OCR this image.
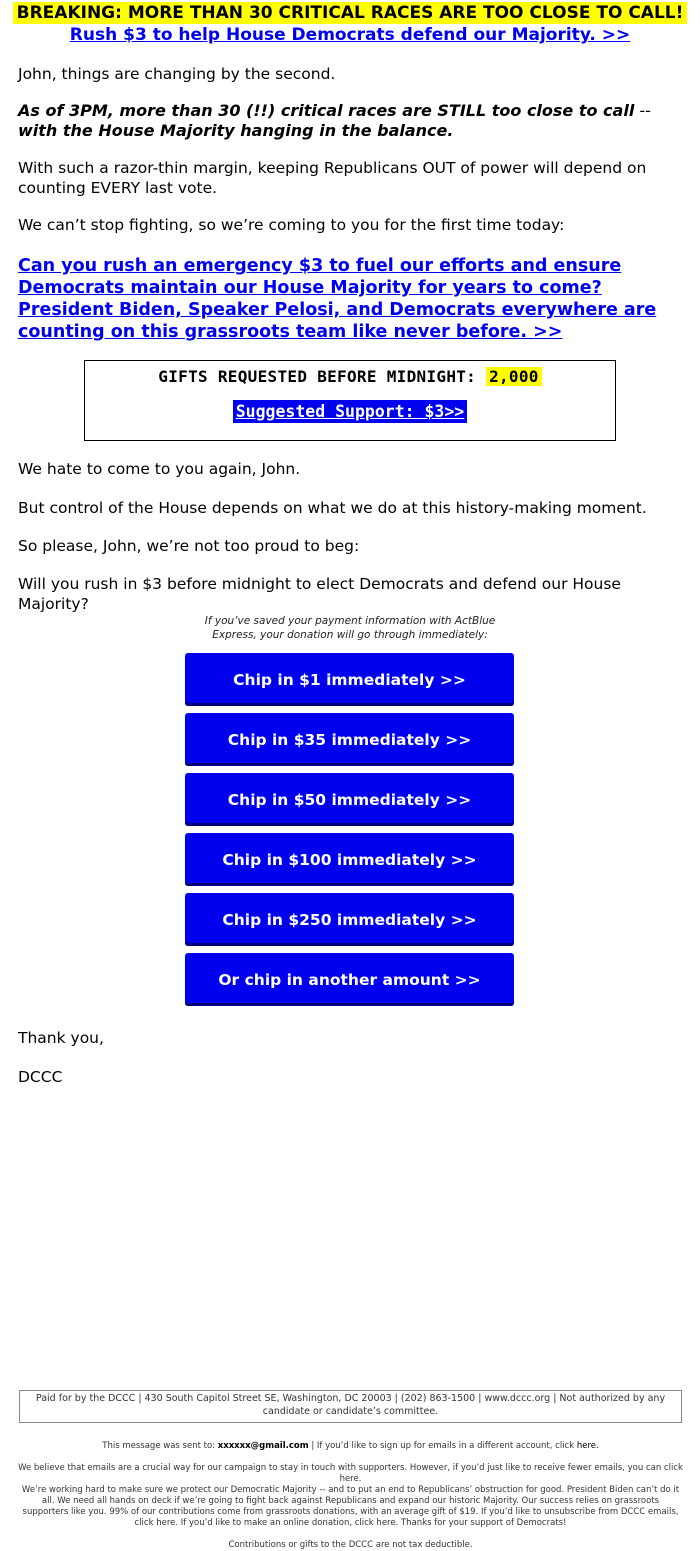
BREAKING: MORE THAN 30 CRITICAL RACES ARE TOO CLOSE TO CALL!
Rush $3 to help House Democrats defend our Majority. >>

John, things are changing by the second.

As of 3PM, more than 30 (!!) critical races are STILL too close to call -- with the House Majority hanging in the balance.

With such a razor-thin margin, keeping Republicans OUT of power will depend on counting EVERY last vote.

We can’t stop fighting, so we’re coming to you for the first time today:

Can you rush an emergency $3 to fuel our efforts and ensure Democrats maintain our House Majority for years to come? President Biden, Speaker Pelosi, and Democrats everywhere are counting on this grassroots team like never before. >>

GIFTS REQUESTED BEFORE MIDNIGHT: 2,000
Suggested Support: $3>>

We hate to come to you again, John.

But control of the House depends on what we do at this history-making moment.

So please, John, we’re not too proud to beg:

Will you rush in $3 before midnight to elect Democrats and defend our House Majority?

If you’ve saved your payment information with ActBlue Express, your donation will go through immediately:
Chip in $1 immediately >>
Chip in $35 immediately >>
Chip in $50 immediately >>
Chip in $100 immediately >>
Chip in $250 immediately >>
Or chip in another amount >>

Thank you,

DCCC

Paid for by the DCCC | 430 South Capitol Street SE, Washington, DC 20003 | (202) 863-1500 | www.dccc.org | Not authorized by any candidate or candidate’s committee.
This message was sent to: xxxxxx@gmail.com | If you’d like to sign up for emails in a different account, click here.
We believe that emails are a crucial way for our campaign to stay in touch with supporters. However, if you’d just like to receive fewer emails, you can click here.
We’re working hard to make sure we protect our Democratic Majority -- and to put an end to Republicans’ obstruction for good. President Biden can’t do it all. We need all hands on deck if we’re going to fight back against Republicans and expand our historic Majority. Our success relies on grassroots supporters like you. 99% of our contributions come from grassroots donations, with an average gift of $19. If you’d like to unsubscribe from DCCC emails, click here. If you’d like to make an online donation, click here. Thanks for your support of Democrats!
Contributions or gifts to the DCCC are not tax deductible.
